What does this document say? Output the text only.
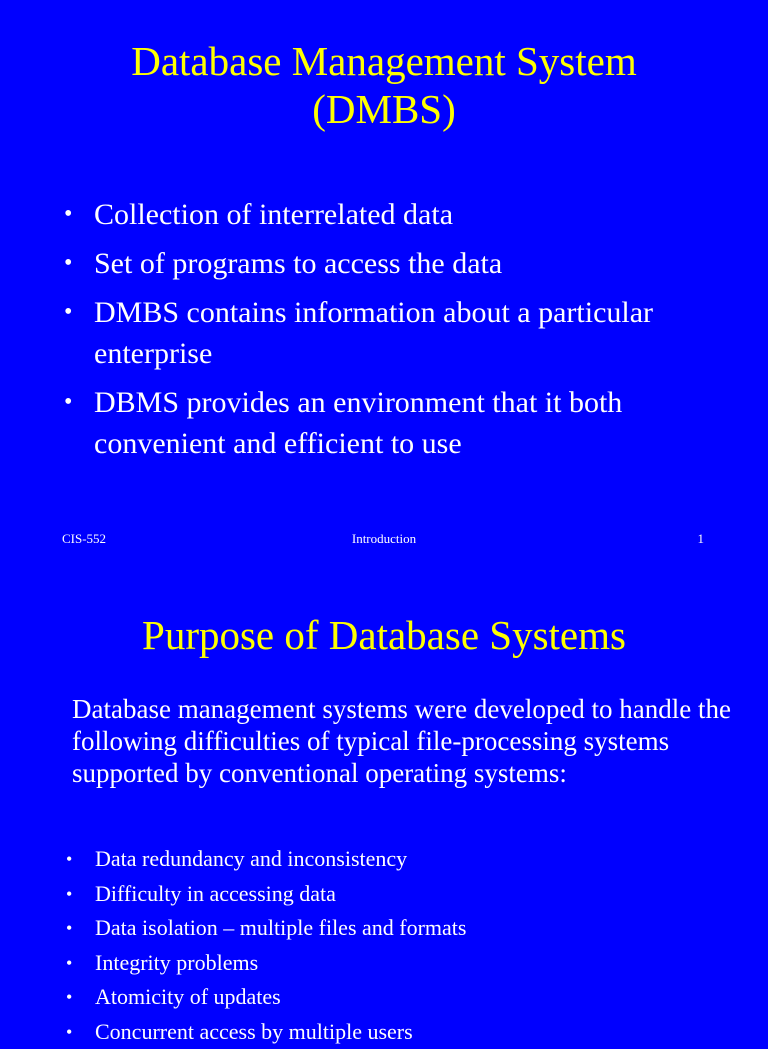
Database Management System
(DMBS)
• Collection of interrelated data
• Set of programs to access the data
• DMBS contains information about a particular enterprise
• DBMS provides an environment that it both convenient and efficient to use
CIS-552	Introduction	1
Purpose of Database Systems
Database management systems were developed to handle the following difficulties of typical file-processing systems supported by conventional operating systems:
• Data redundancy and inconsistency
• Difficulty in accessing data
• Data isolation – multiple files and formats
• Integrity problems
• Atomicity of updates
• Concurrent access by multiple users
